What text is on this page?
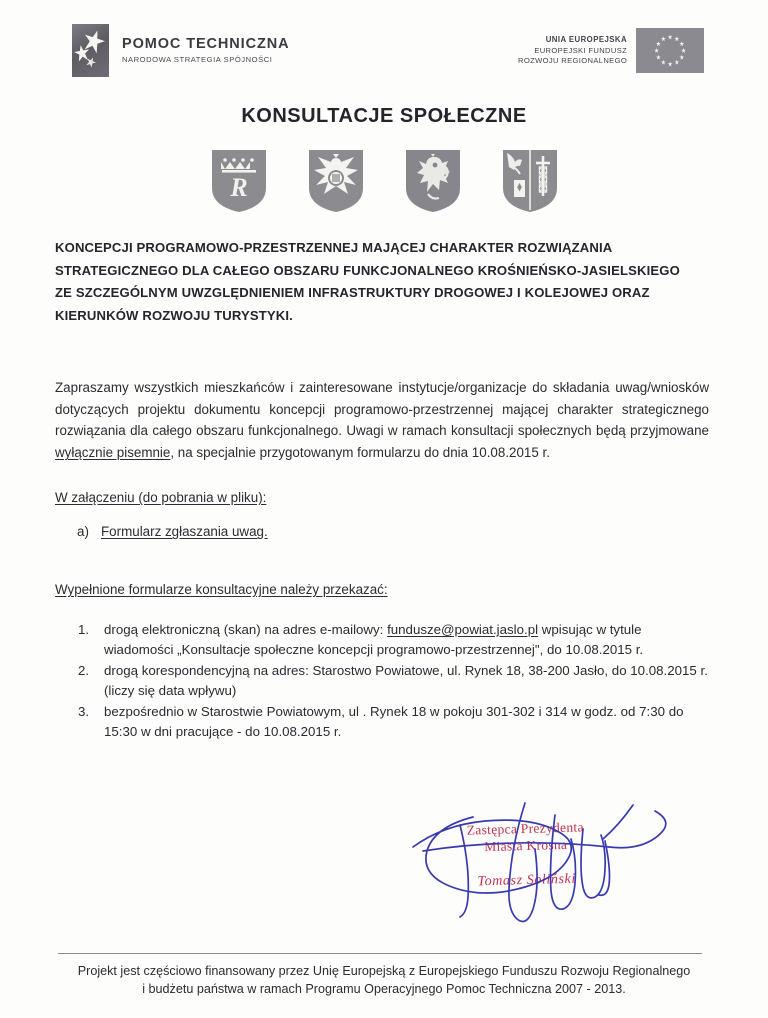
POMOC TECHNICZNA
NARODOWA STRATEGIA SPÓJNOŚCI
UNIA EUROPEJSKA
EUROPEJSKI FUNDUSZ
ROZWOJU REGIONALNEGO
KONSULTACJE SPOŁECZNE
R
KONCEPCJI PROGRAMOWO-PRZESTRZENNEJ MAJĄCEJ CHARAKTER ROZWIĄZANIA
STRATEGICZNEGO DLA CAŁEGO OBSZARU FUNKCJONALNEGO KROŚNIEŃSKO-JASIELSKIEGO
ZE SZCZEGÓLNYM UWZGLĘDNIENIEM INFRASTRUKTURY DROGOWEJ I KOLEJOWEJ ORAZ
KIERUNKÓW ROZWOJU TURYSTYKI.
Zapraszamy wszystkich mieszkańców i zainteresowane instytucje/organizacje do składania uwag/wniosków dotyczących projektu dokumentu koncepcji programowo-przestrzennej mającej charakter strategicznego rozwiązania dla całego obszaru funkcjonalnego. Uwagi w ramach konsultacji społecznych będą przyjmowane wyłącznie pisemnie, na specjalnie przygotowanym formularzu do dnia 10.08.2015 r.
W załączeniu (do pobrania w pliku):
a) Formularz zgłaszania uwag.
Wypełnione formularze konsultacyjne należy przekazać:
1. drogą elektroniczną (skan) na adres e-mailowy: fundusze@powiat.jaslo.pl wpisując w tytule wiadomości „Konsultacje społeczne koncepcji programowo-przestrzennej", do 10.08.2015 r.
2. drogą korespondencyjną na adres: Starostwo Powiatowe, ul. Rynek 18, 38-200 Jasło, do 10.08.2015 r. (liczy się data wpływu)
3. bezpośrednio w Starostwie Powiatowym, ul . Rynek 18 w pokoju 301-302 i 314 w godz. od 7:30 do 15:30 w dni pracujące - do 10.08.2015 r.
Zastępca Prezydenta
Miasta Krosna
Tomasz Soliński
Projekt jest częściowo finansowany przez Unię Europejską z Europejskiego Funduszu Rozwoju Regionalnego
i budżetu państwa w ramach Programu Operacyjnego Pomoc Techniczna 2007 - 2013.
